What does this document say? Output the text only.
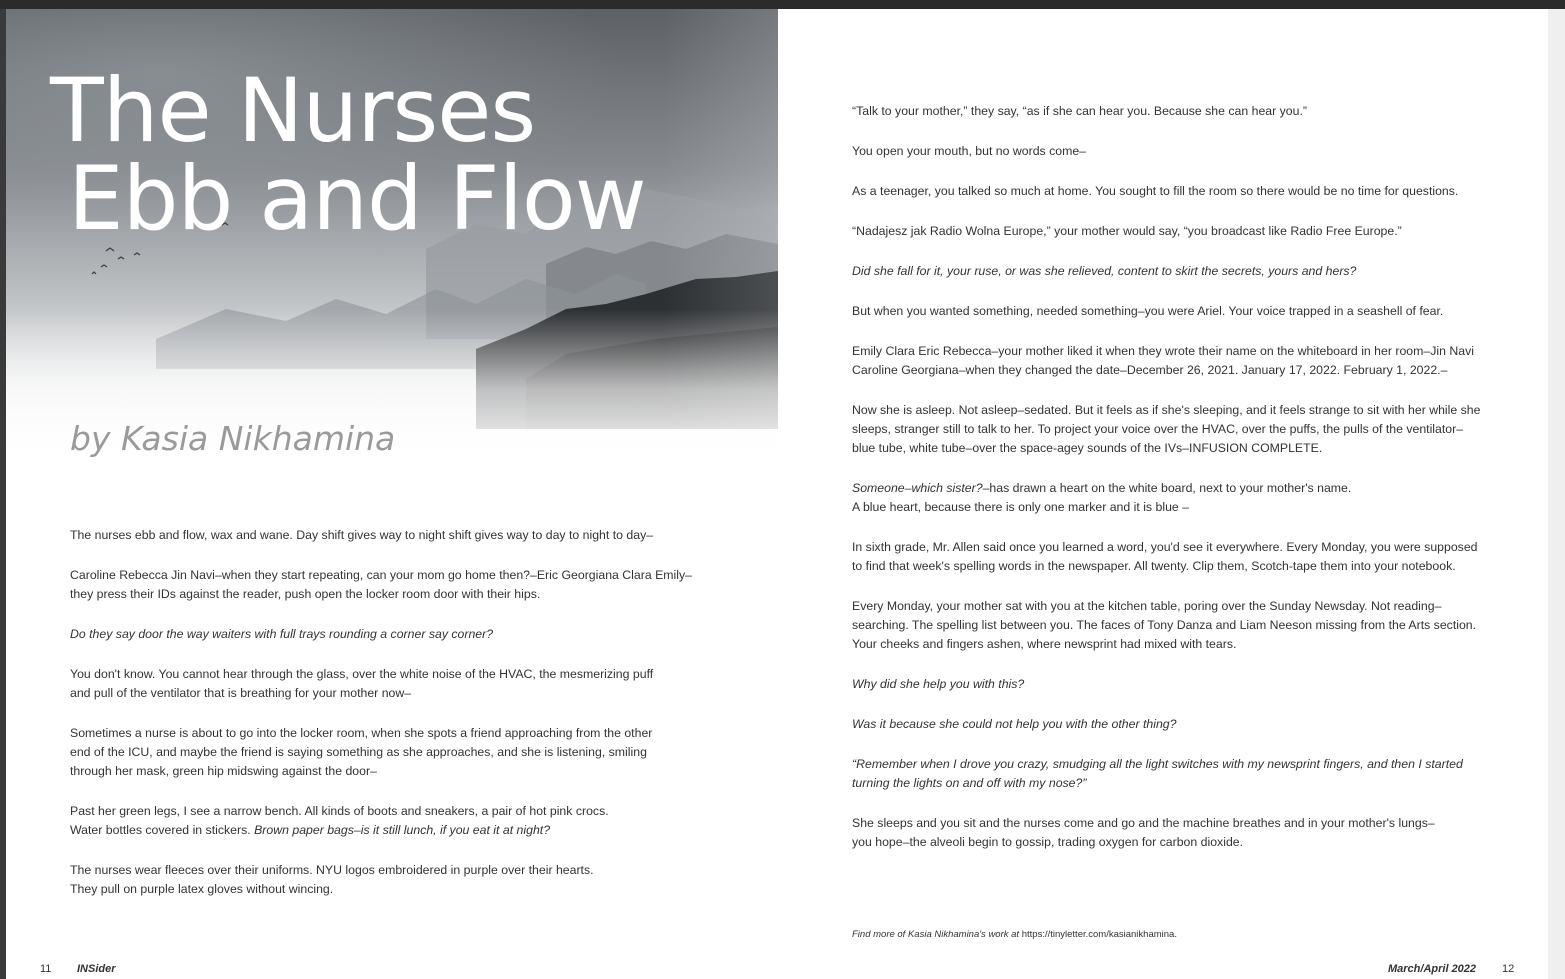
The Nurses
Ebb and Flow
by Kasia Nikhamina

The nurses ebb and flow, wax and wane. Day shift gives way to night shift gives way to day to night to day–

Caroline Rebecca Jin Navi–when they start repeating, can your mom go home then?–Eric Georgiana Clara Emily–
they press their IDs against the reader, push open the locker room door with their hips.

Do they say door the way waiters with full trays rounding a corner say corner?

You don't know. You cannot hear through the glass, over the white noise of the HVAC, the mesmerizing puff
and pull of the ventilator that is breathing for your mother now–

Sometimes a nurse is about to go into the locker room, when she spots a friend approaching from the other
end of the ICU, and maybe the friend is saying something as she approaches, and she is listening, smiling
through her mask, green hip midswing against the door–

Past her green legs, I see a narrow bench. All kinds of boots and sneakers, a pair of hot pink crocs.
Water bottles covered in stickers. Brown paper bags–is it still lunch, if you eat it at night?

The nurses wear fleeces over their uniforms. NYU logos embroidered in purple over their hearts.
They pull on purple latex gloves without wincing.

“Talk to your mother,” they say, “as if she can hear you. Because she can hear you.”

You open your mouth, but no words come–

As a teenager, you talked so much at home. You sought to fill the room so there would be no time for questions.

“Nadajesz jak Radio Wolna Europe,” your mother would say, “you broadcast like Radio Free Europe.”

Did she fall for it, your ruse, or was she relieved, content to skirt the secrets, yours and hers?

But when you wanted something, needed something–you were Ariel. Your voice trapped in a seashell of fear.

Emily Clara Eric Rebecca–your mother liked it when they wrote their name on the whiteboard in her room–Jin Navi
Caroline Georgiana–when they changed the date–December 26, 2021. January 17, 2022. February 1, 2022.–

Now she is asleep. Not asleep–sedated. But it feels as if she's sleeping, and it feels strange to sit with her while she
sleeps, stranger still to talk to her. To project your voice over the HVAC, over the puffs, the pulls of the ventilator–
blue tube, white tube–over the space-agey sounds of the IVs–INFUSION COMPLETE.

Someone–which sister?–has drawn a heart on the white board, next to your mother's name.
A blue heart, because there is only one marker and it is blue –

In sixth grade, Mr. Allen said once you learned a word, you'd see it everywhere. Every Monday, you were supposed
to find that week's spelling words in the newspaper. All twenty. Clip them, Scotch-tape them into your notebook.

Every Monday, your mother sat with you at the kitchen table, poring over the Sunday Newsday. Not reading–
searching. The spelling list between you. The faces of Tony Danza and Liam Neeson missing from the Arts section.
Your cheeks and fingers ashen, where newsprint had mixed with tears.

Why did she help you with this?

Was it because she could not help you with the other thing?

“Remember when I drove you crazy, smudging all the light switches with my newsprint fingers, and then I started
turning the lights on and off with my nose?”

She sleeps and you sit and the nurses come and go and the machine breathes and in your mother's lungs–
you hope–the alveoli begin to gossip, trading oxygen for carbon dioxide.

Find more of Kasia Nikhamina's work at https://tinyletter.com/kasianikhamina.
11 INSider	March/April 2022 12
